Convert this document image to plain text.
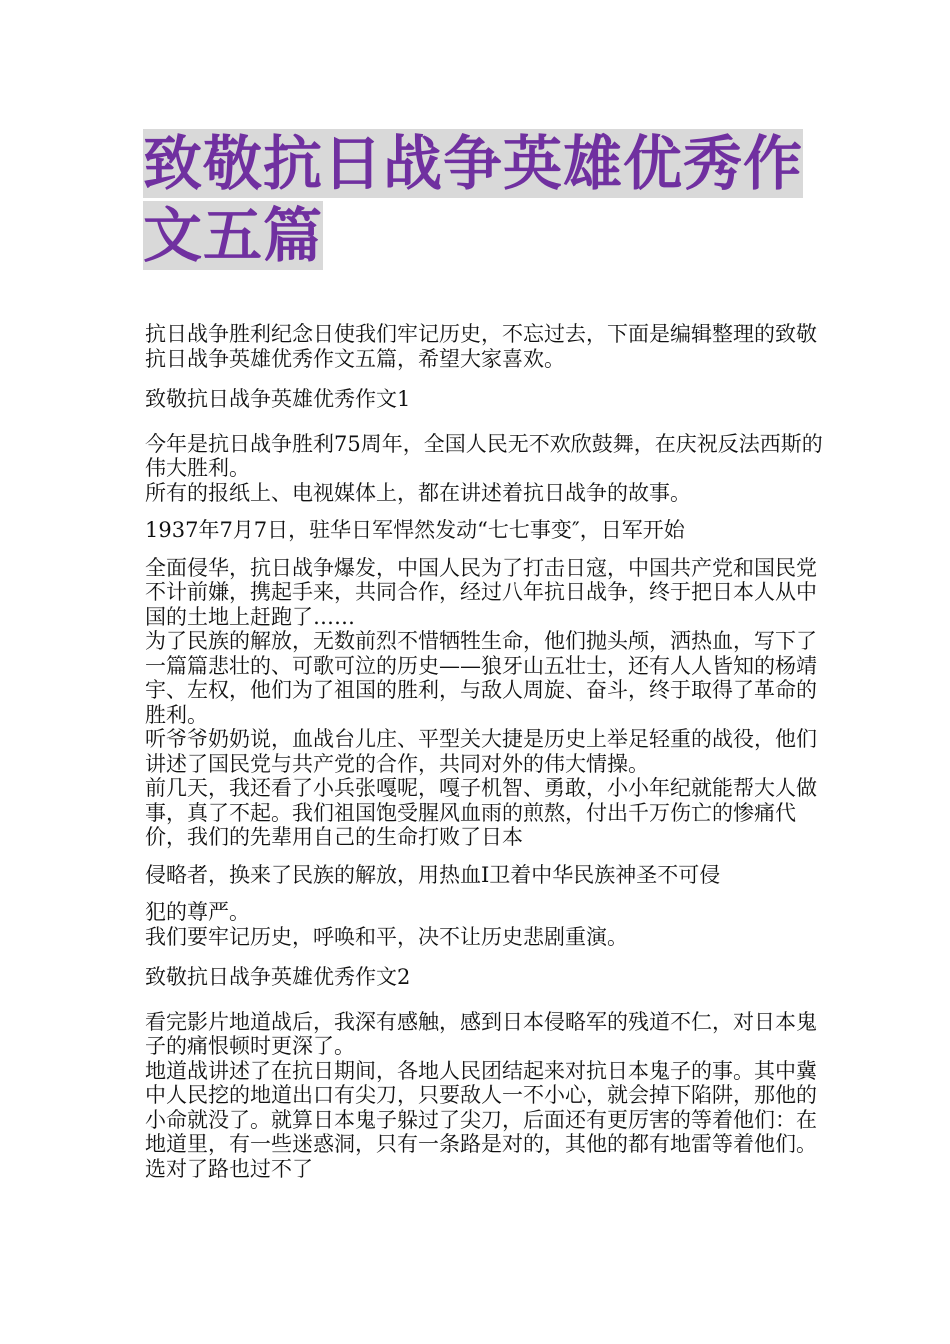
致敬抗日战争英雄优秀作文五篇

抗日战争胜利纪念日使我们牢记历史，不忘过去，下面是编辑整理的致敬抗日战争英雄优秀作文五篇，希望大家喜欢。

致敬抗日战争英雄优秀作文1

今年是抗日战争胜利75周年，全国人民无不欢欣鼓舞，在庆祝反法西斯的伟大胜利。

所有的报纸上、电视媒体上，都在讲述着抗日战争的故事。

1937年7月7日，驻华日军悍然发动“七七事变″，日军开始

全面侵华，抗日战争爆发，中国人民为了打击日寇，中国共产党和国民党不计前嫌，携起手来，共同合作，经过八年抗日战争，终于把日本人从中国的土地上赶跑了……

为了民族的解放，无数前烈不惜牺牲生命，他们抛头颅，洒热血，写下了一篇篇悲壮的、可歌可泣的历史——狼牙山五壮士，还有人人皆知的杨靖宇、左权，他们为了祖国的胜利，与敌人周旋、奋斗，终于取得了革命的胜利。

听爷爷奶奶说，血战台儿庄、平型关大捷是历史上举足轻重的战役，他们讲述了国民党与共产党的合作，共同对外的伟大情操。

前几天，我还看了小兵张嘎呢，嘎子机智、勇敢，小小年纪就能帮大人做事，真了不起。我们祖国饱受腥风血雨的煎熬，付出千万伤亡的惨痛代价，我们的先辈用自己的生命打败了日本

侵略者，换来了民族的解放，用热血I卫着中华民族神圣不可侵

犯的尊严。

我们要牢记历史，呼唤和平，决不让历史悲剧重演。

致敬抗日战争英雄优秀作文2

看完影片地道战后，我深有感触，感到日本侵略军的残道不仁，对日本鬼子的痛恨顿时更深了。

地道战讲述了在抗日期间，各地人民团结起来对抗日本鬼子的事。其中冀中人民挖的地道出口有尖刀，只要敌人一不小心，就会掉下陷阱，那他的小命就没了。就算日本鬼子躲过了尖刀，后面还有更厉害的等着他们：在地道里，有一些迷惑洞，只有一条路是对的，其他的都有地雷等着他们。选对了路也过不了
